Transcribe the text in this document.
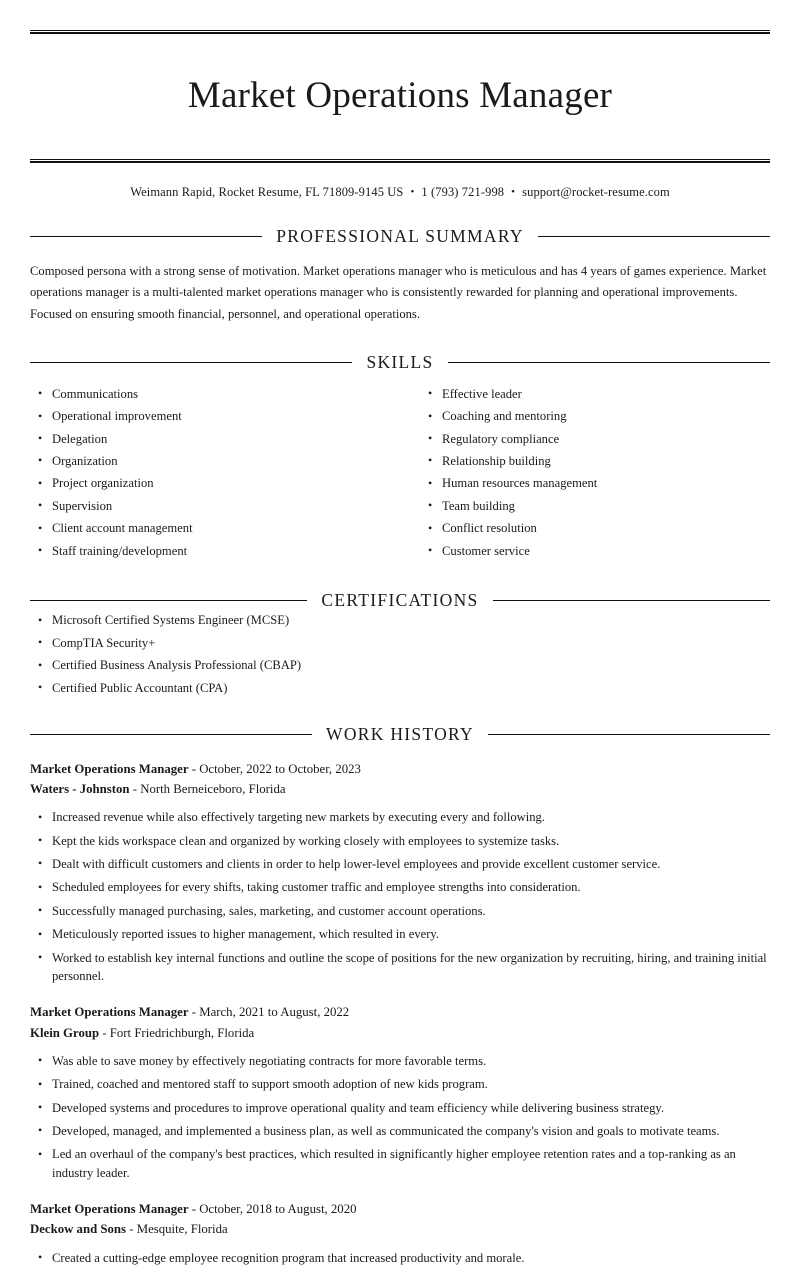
Market Operations Manager
Weimann Rapid, Rocket Resume, FL 71809-9145 US • 1 (793) 721-998 • support@rocket-resume.com
PROFESSIONAL SUMMARY

Composed persona with a strong sense of motivation. Market operations manager who is meticulous and has 4 years of games experience. Market operations manager is a multi-talented market operations manager who is consistently rewarded for planning and operational improvements. Focused on ensuring smooth financial, personnel, and operational operations.

SKILLS
• Communications
• Operational improvement
• Delegation
• Organization
• Project organization
• Supervision
• Client account management
• Staff training/development
• Effective leader
• Coaching and mentoring
• Regulatory compliance
• Relationship building
• Human resources management
• Team building
• Conflict resolution
• Customer service
CERTIFICATIONS
• Microsoft Certified Systems Engineer (MCSE)
• CompTIA Security+
• Certified Business Analysis Professional (CBAP)
• Certified Public Accountant (CPA)
WORK HISTORY
Market Operations Manager - October, 2022 to October, 2023
Waters - Johnston - North Berneiceboro, Florida
• Increased revenue while also effectively targeting new markets by executing every and following.
• Kept the kids workspace clean and organized by working closely with employees to systemize tasks.
• Dealt with difficult customers and clients in order to help lower-level employees and provide excellent customer service.
• Scheduled employees for every shifts, taking customer traffic and employee strengths into consideration.
• Successfully managed purchasing, sales, marketing, and customer account operations.
• Meticulously reported issues to higher management, which resulted in every.
• Worked to establish key internal functions and outline the scope of positions for the new organization by recruiting, hiring, and training initial personnel.
Market Operations Manager - March, 2021 to August, 2022
Klein Group - Fort Friedrichburgh, Florida
• Was able to save money by effectively negotiating contracts for more favorable terms.
• Trained, coached and mentored staff to support smooth adoption of new kids program.
• Developed systems and procedures to improve operational quality and team efficiency while delivering business strategy.
• Developed, managed, and implemented a business plan, as well as communicated the company's vision and goals to motivate teams.
• Led an overhaul of the company's best practices, which resulted in significantly higher employee retention rates and a top-ranking as an industry leader.
Market Operations Manager - October, 2018 to August, 2020
Deckow and Sons - Mesquite, Florida
• Created a cutting-edge employee recognition program that increased productivity and morale.
